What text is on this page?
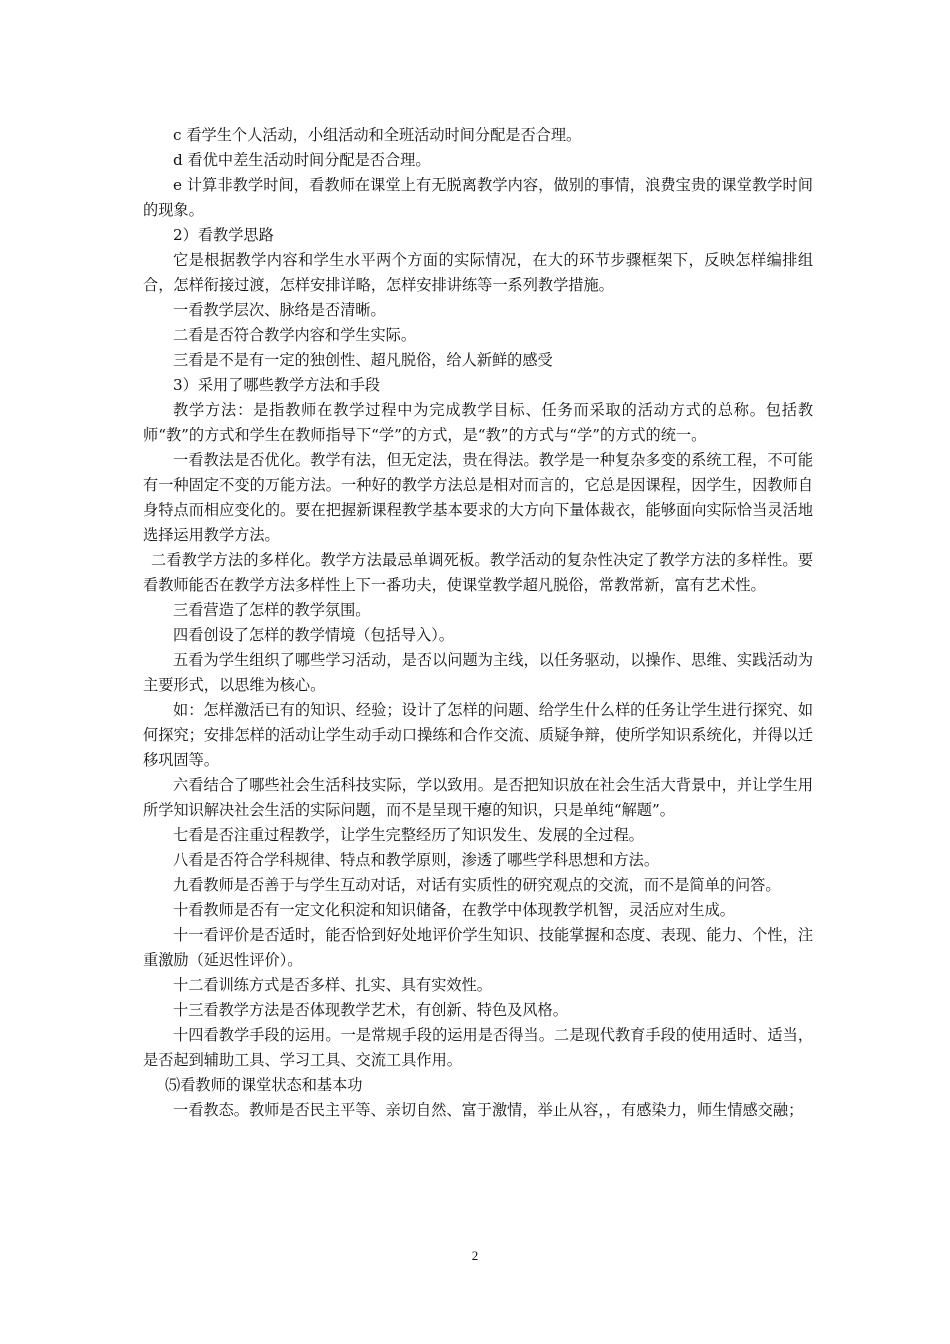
c 看学生个人活动，小组活动和全班活动时间分配是否合理。

d 看优中差生活动时间分配是否合理。

e 计算非教学时间，看教师在课堂上有无脱离教学内容，做别的事情，浪费宝贵的课堂教学时间的现象。

2）看教学思路

它是根据教学内容和学生水平两个方面的实际情况，在大的环节步骤框架下，反映怎样编排组合，怎样衔接过渡，怎样安排详略，怎样安排讲练等一系列教学措施。

一看教学层次、脉络是否清晰。

二看是否符合教学内容和学生实际。

三看是不是有一定的独创性、超凡脱俗，给人新鲜的感受

3）采用了哪些教学方法和手段

教学方法：是指教师在教学过程中为完成教学目标、任务而采取的活动方式的总称。包括教师“教”的方式和学生在教师指导下“学”的方式，是“教”的方式与“学”的方式的统一。

一看教法是否优化。教学有法，但无定法，贵在得法。教学是一种复杂多变的系统工程，不可能有一种固定不变的万能方法。一种好的教学方法总是相对而言的，它总是因课程，因学生，因教师自身特点而相应变化的。要在把握新课程教学基本要求的大方向下量体裁衣，能够面向实际恰当灵活地选择运用教学方法。

二看教学方法的多样化。教学方法最忌单调死板。教学活动的复杂性决定了教学方法的多样性。要看教师能否在教学方法多样性上下一番功夫，使课堂教学超凡脱俗，常教常新，富有艺术性。

三看营造了怎样的教学氛围。

四看创设了怎样的教学情境（包括导入）。

五看为学生组织了哪些学习活动，是否以问题为主线，以任务驱动，以操作、思维、实践活动为主要形式，以思维为核心。

如：怎样激活已有的知识、经验；设计了怎样的问题、给学生什么样的任务让学生进行探究、如何探究；安排怎样的活动让学生动手动口操练和合作交流、质疑争辩，使所学知识系统化，并得以迁移巩固等。

六看结合了哪些社会生活科技实际，学以致用。是否把知识放在社会生活大背景中，并让学生用所学知识解决社会生活的实际问题，而不是呈现干瘪的知识，只是单纯“解题”。

七看是否注重过程教学，让学生完整经历了知识发生、发展的全过程。

八看是否符合学科规律、特点和教学原则，渗透了哪些学科思想和方法。

九看教师是否善于与学生互动对话，对话有实质性的研究观点的交流，而不是简单的问答。

十看教师是否有一定文化积淀和知识储备，在教学中体现教学机智，灵活应对生成。

十一看评价是否适时，能否恰到好处地评价学生知识、技能掌握和态度、表现、能力、个性，注重激励（延迟性评价）。

十二看训练方式是否多样、扎实、具有实效性。

十三看教学方法是否体现教学艺术，有创新、特色及风格。

十四看教学手段的运用。一是常规手段的运用是否得当。二是现代教育手段的使用适时、适当，是否起到辅助工具、学习工具、交流工具作用。

⑸看教师的课堂状态和基本功

一看教态。教师是否民主平等、亲切自然、富于激情，举止从容，，有感染力，师生情感交融；

2
